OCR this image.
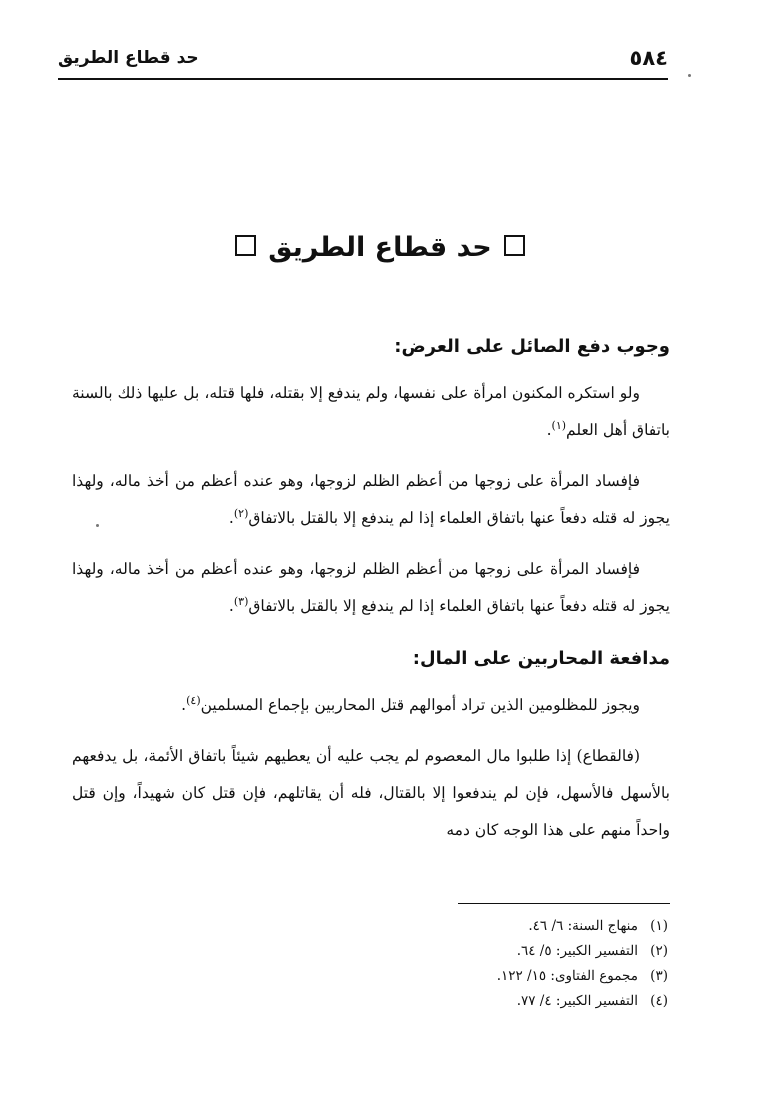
٥٨٤
حد قطاع الطريق
حد قطاع الطريق
وجوب دفع الصائل على العرض:

ولو استكره المكنون امرأة على نفسها، ولم يندفع إلا بقتله، فلها قتله، بل عليها ذلك بالسنة باتفاق أهل العلم$^{(١)}$.

فإفساد المرأة على زوجها من أعظم الظلم لزوجها، وهو عنده أعظم من أخذ ماله، ولهذا يجوز له قتله دفعاً عنها باتفاق العلماء إذا لم يندفع إلا بالقتل بالاتفاق$^{(٢)}$.

فإفساد المرأة على زوجها من أعظم الظلم لزوجها، وهو عنده أعظم من أخذ ماله، ولهذا يجوز له قتله دفعاً عنها باتفاق العلماء إذا لم يندفع إلا بالقتل بالاتفاق$^{(٣)}$.

مدافعة المحاربين على المال:

ويجوز للمظلومين الذين تراد أموالهم قتل المحاربين بإجماع المسلمين$^{(٤)}$.

(فالقطاع) إذا طلبوا مال المعصوم لم يجب عليه أن يعطيهم شيئاً باتفاق الأئمة، بل يدفعهم بالأسهل فالأسهل، فإن لم يندفعوا إلا بالقتال، فله أن يقاتلهم، فإن قتل كان شهيداً، وإن قتل واحداً منهم على هذا الوجه كان دمه

(١)منهاج السنة: ٦/ ٤٦.

(٢)التفسير الكبير: ٥/ ٦٤.

(٣)مجموع الفتاوى: ١٥/ ١٢٢.

(٤)التفسير الكبير: ٤/ ٧٧.
